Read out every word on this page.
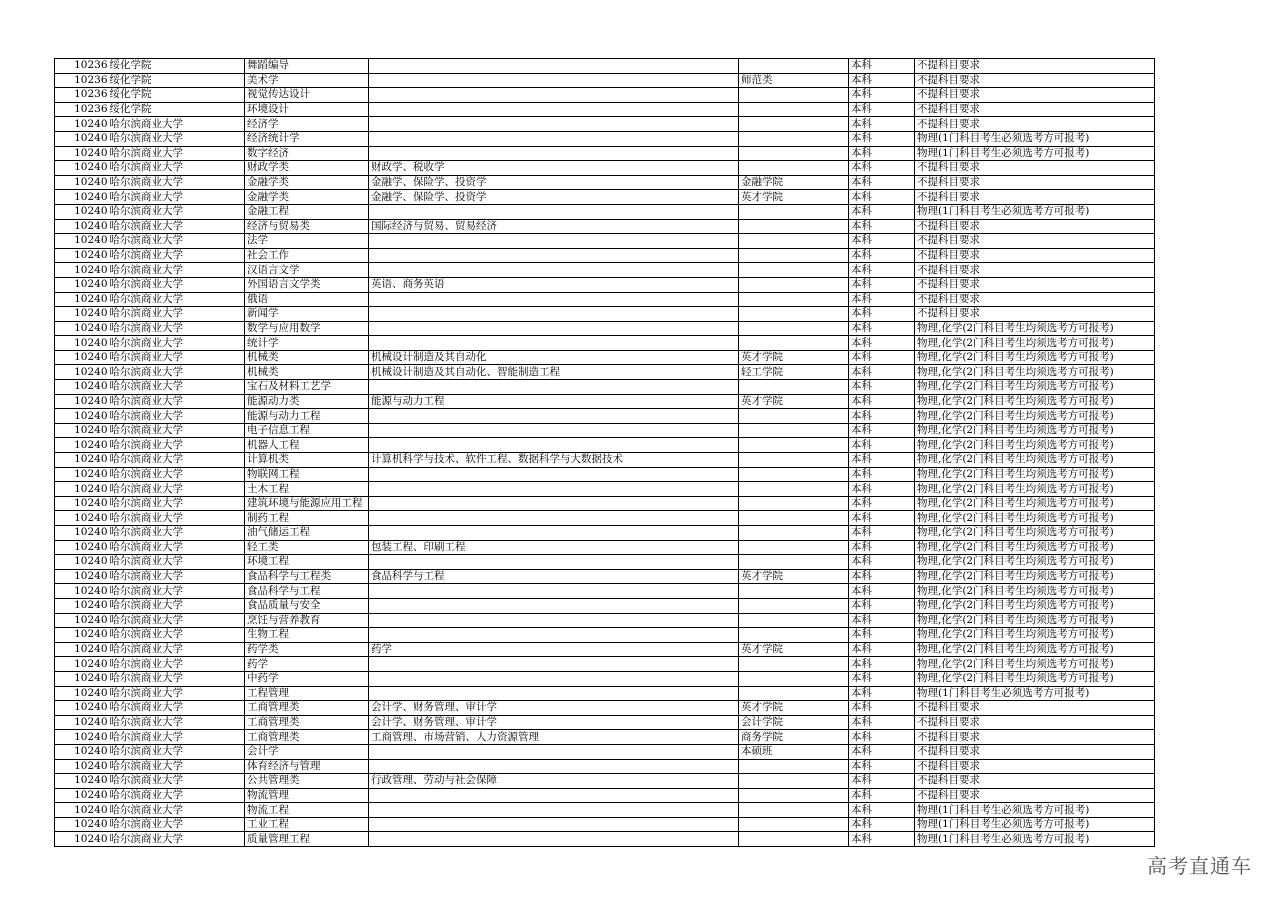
10236	绥化学院	舞蹈编导			本科	不提科目要求
10236	绥化学院	美术学		师范类	本科	不提科目要求
10236	绥化学院	视觉传达设计			本科	不提科目要求
10236	绥化学院	环境设计			本科	不提科目要求
10240	哈尔滨商业大学	经济学			本科	不提科目要求
10240	哈尔滨商业大学	经济统计学			本科	物理(1门科目考生必须选考方可报考)
10240	哈尔滨商业大学	数字经济			本科	物理(1门科目考生必须选考方可报考)
10240	哈尔滨商业大学	财政学类	财政学、税收学		本科	不提科目要求
10240	哈尔滨商业大学	金融学类	金融学、保险学、投资学	金融学院	本科	不提科目要求
10240	哈尔滨商业大学	金融学类	金融学、保险学、投资学	英才学院	本科	不提科目要求
10240	哈尔滨商业大学	金融工程			本科	物理(1门科目考生必须选考方可报考)
10240	哈尔滨商业大学	经济与贸易类	国际经济与贸易、贸易经济		本科	不提科目要求
10240	哈尔滨商业大学	法学			本科	不提科目要求
10240	哈尔滨商业大学	社会工作			本科	不提科目要求
10240	哈尔滨商业大学	汉语言文学			本科	不提科目要求
10240	哈尔滨商业大学	外国语言文学类	英语、商务英语		本科	不提科目要求
10240	哈尔滨商业大学	俄语			本科	不提科目要求
10240	哈尔滨商业大学	新闻学			本科	不提科目要求
10240	哈尔滨商业大学	数学与应用数学			本科	物理,化学(2门科目考生均须选考方可报考)
10240	哈尔滨商业大学	统计学			本科	物理,化学(2门科目考生均须选考方可报考)
10240	哈尔滨商业大学	机械类	机械设计制造及其自动化	英才学院	本科	物理,化学(2门科目考生均须选考方可报考)
10240	哈尔滨商业大学	机械类	机械设计制造及其自动化、智能制造工程	轻工学院	本科	物理,化学(2门科目考生均须选考方可报考)
10240	哈尔滨商业大学	宝石及材料工艺学			本科	物理,化学(2门科目考生均须选考方可报考)
10240	哈尔滨商业大学	能源动力类	能源与动力工程	英才学院	本科	物理,化学(2门科目考生均须选考方可报考)
10240	哈尔滨商业大学	能源与动力工程			本科	物理,化学(2门科目考生均须选考方可报考)
10240	哈尔滨商业大学	电子信息工程			本科	物理,化学(2门科目考生均须选考方可报考)
10240	哈尔滨商业大学	机器人工程			本科	物理,化学(2门科目考生均须选考方可报考)
10240	哈尔滨商业大学	计算机类	计算机科学与技术、软件工程、数据科学与大数据技术		本科	物理,化学(2门科目考生均须选考方可报考)
10240	哈尔滨商业大学	物联网工程			本科	物理,化学(2门科目考生均须选考方可报考)
10240	哈尔滨商业大学	土木工程			本科	物理,化学(2门科目考生均须选考方可报考)
10240	哈尔滨商业大学	建筑环境与能源应用工程			本科	物理,化学(2门科目考生均须选考方可报考)
10240	哈尔滨商业大学	制药工程			本科	物理,化学(2门科目考生均须选考方可报考)
10240	哈尔滨商业大学	油气储运工程			本科	物理,化学(2门科目考生均须选考方可报考)
10240	哈尔滨商业大学	轻工类	包装工程、印刷工程		本科	物理,化学(2门科目考生均须选考方可报考)
10240	哈尔滨商业大学	环境工程			本科	物理,化学(2门科目考生均须选考方可报考)
10240	哈尔滨商业大学	食品科学与工程类	食品科学与工程	英才学院	本科	物理,化学(2门科目考生均须选考方可报考)
10240	哈尔滨商业大学	食品科学与工程			本科	物理,化学(2门科目考生均须选考方可报考)
10240	哈尔滨商业大学	食品质量与安全			本科	物理,化学(2门科目考生均须选考方可报考)
10240	哈尔滨商业大学	烹饪与营养教育			本科	物理,化学(2门科目考生均须选考方可报考)
10240	哈尔滨商业大学	生物工程			本科	物理,化学(2门科目考生均须选考方可报考)
10240	哈尔滨商业大学	药学类	药学	英才学院	本科	物理,化学(2门科目考生均须选考方可报考)
10240	哈尔滨商业大学	药学			本科	物理,化学(2门科目考生均须选考方可报考)
10240	哈尔滨商业大学	中药学			本科	物理,化学(2门科目考生均须选考方可报考)
10240	哈尔滨商业大学	工程管理			本科	物理(1门科目考生必须选考方可报考)
10240	哈尔滨商业大学	工商管理类	会计学、财务管理、审计学	英才学院	本科	不提科目要求
10240	哈尔滨商业大学	工商管理类	会计学、财务管理、审计学	会计学院	本科	不提科目要求
10240	哈尔滨商业大学	工商管理类	工商管理、市场营销、人力资源管理	商务学院	本科	不提科目要求
10240	哈尔滨商业大学	会计学		本硕班	本科	不提科目要求
10240	哈尔滨商业大学	体育经济与管理			本科	不提科目要求
10240	哈尔滨商业大学	公共管理类	行政管理、劳动与社会保障		本科	不提科目要求
10240	哈尔滨商业大学	物流管理			本科	不提科目要求
10240	哈尔滨商业大学	物流工程			本科	物理(1门科目考生必须选考方可报考)
10240	哈尔滨商业大学	工业工程			本科	物理(1门科目考生必须选考方可报考)
10240	哈尔滨商业大学	质量管理工程			本科	物理(1门科目考生必须选考方可报考)
高考直通车
